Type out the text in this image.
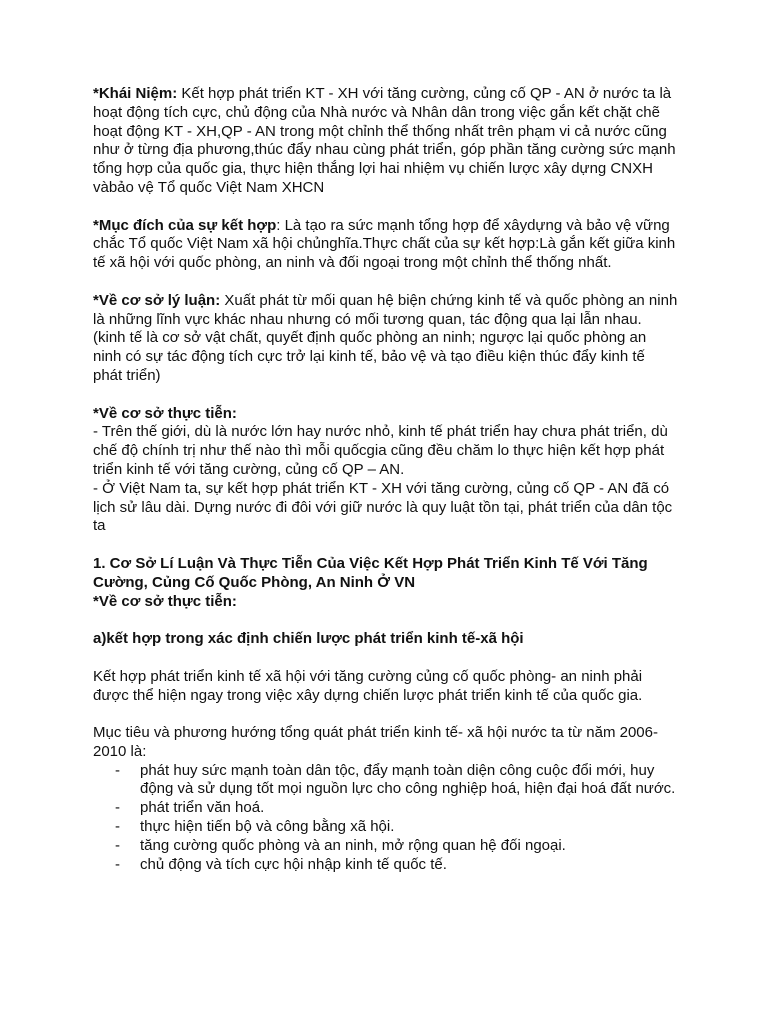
*Khái Niệm: Kết hợp phát triển KT - XH với tăng cường, củng cố QP - AN ở nước ta là hoạt động tích cực, chủ động của Nhà nước và Nhân dân trong việc gắn kết chặt chẽ hoạt động KT - XH,QP - AN trong một chỉnh thể thống nhất trên phạm vi cả nước cũng như ở từng địa phương,thúc đẩy nhau cùng phát triển, góp phần tăng cường sức mạnh tổng hợp của quốc gia, thực hiện thắng lợi hai nhiệm vụ chiến lược xây dựng CNXH vàbảo vệ Tổ quốc Việt Nam XHCN

*Mục đích của sự kết hợp: Là tạo ra sức mạnh tổng hợp để xâydựng và bảo vệ vững chắc Tổ quốc Việt Nam xã hội chủnghĩa.Thực chất của sự kết hợp:Là gắn kết giữa kinh tế xã hội với quốc phòng, an ninh và đối ngoại trong một chỉnh thể thống nhất.

*Về cơ sở lý luận: Xuất phát từ mối quan hệ biện chứng kinh tế và quốc phòng an ninh là những lĩnh vực khác nhau nhưng có mối tương quan, tác động qua lại lẫn nhau. (kinh tế là cơ sở vật chất, quyết định quốc phòng an ninh; ngược lại quốc phòng an ninh có sự tác động tích cực trở lại kinh tế, bảo vệ và tạo điều kiện thúc đẩy kinh tế phát triển)

*Về cơ sở thực tiễn:
- Trên thế giới, dù là nước lớn hay nước nhỏ, kinh tế phát triển hay chưa phát triển, dù chế độ chính trị như thế nào thì mỗi quốcgia cũng đều chăm lo thực hiện kết hợp phát triển kinh tế với tăng cường, củng cố QP – AN.
- Ở Việt Nam ta, sự kết hợp phát triển KT - XH với tăng cường, củng cố QP - AN đã có lịch sử lâu dài. Dựng nước đi đôi với giữ nước là quy luật tồn tại, phát triển của dân tộc ta

1. Cơ Sở Lí Luận Và Thực Tiễn Của Việc Kết Hợp Phát Triển Kinh Tế Với Tăng Cường, Củng Cố Quốc Phòng, An Ninh Ở VN

*Về cơ sở thực tiễn:

a)kết hợp trong xác định chiến lược phát triển kinh tế-xã hội

Kết hợp phát triển kinh tế xã hội với tăng cường củng cố quốc phòng- an ninh phải được thể hiện ngay trong việc xây dựng chiến lược phát triển kinh tế của quốc gia.

Mục tiêu và phương hướng tổng quát phát triển kinh tế- xã hội nước ta từ năm 2006-2010 là:

- phát huy sức mạnh toàn dân tộc, đẩy mạnh toàn diện công cuộc đổi mới, huy động và sử dụng tốt mọi nguồn lực cho công nghiệp hoá, hiện đại hoá đất nước.
- phát triển văn hoá.
- thực hiện tiến bộ và công bằng xã hội.
- tăng cường quốc phòng và an ninh, mở rộng quan hệ đối ngoại.
- chủ động và tích cực hội nhập kinh tế quốc tế.
